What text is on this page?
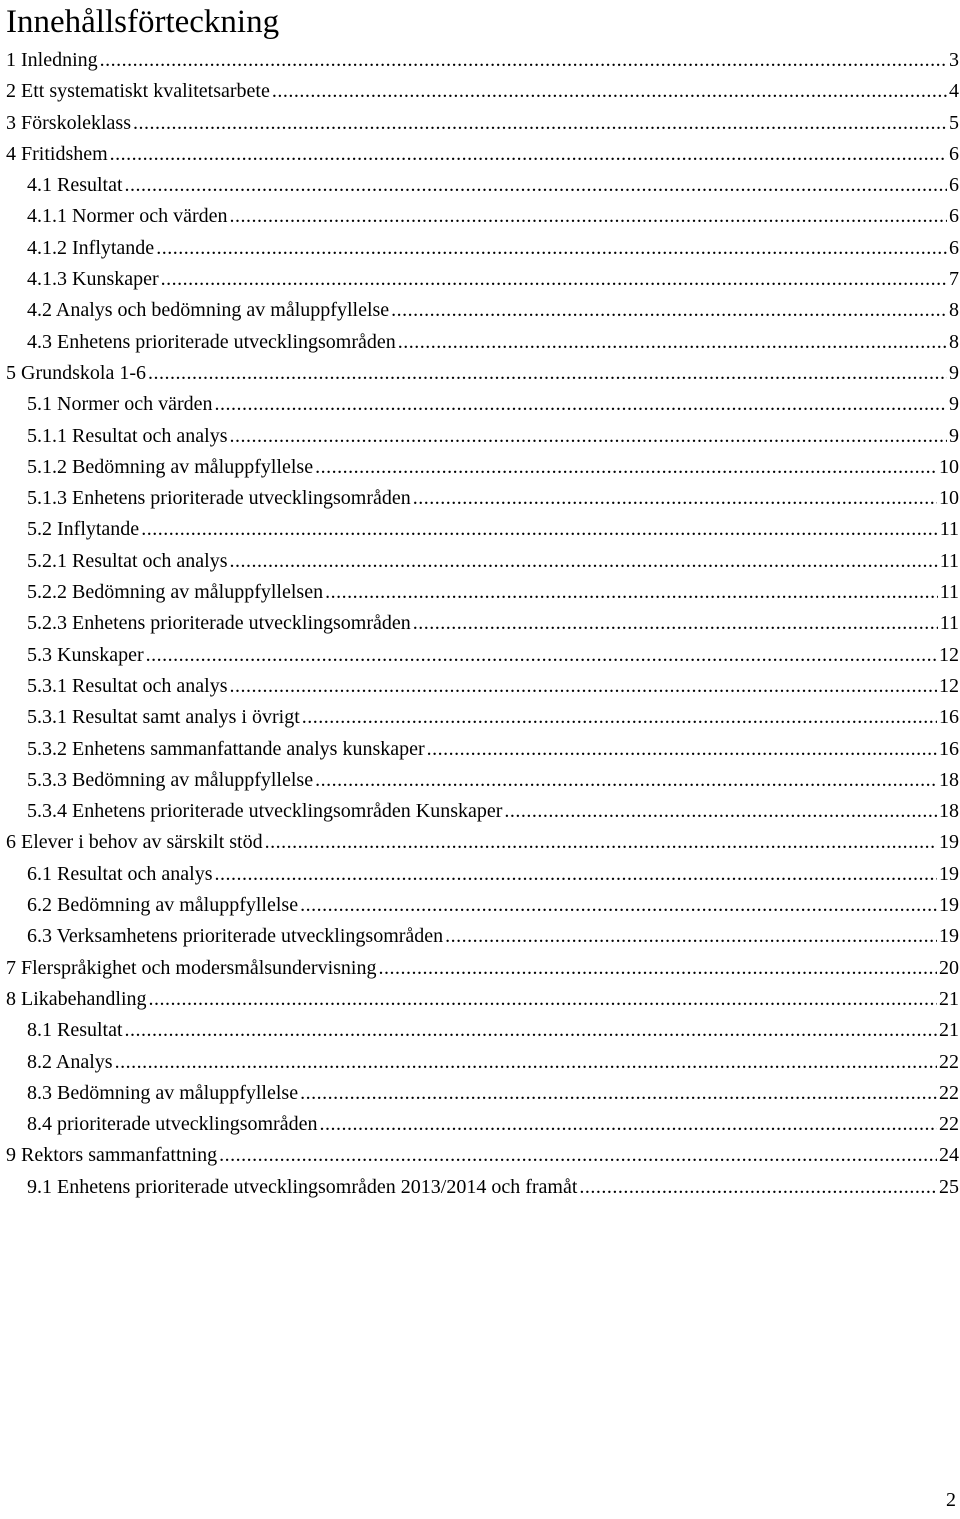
Innehållsförteckning
1 Inledning .....	3
2 Ett systematiskt kvalitetsarbete .....	4
3 Förskoleklass .....	5
4 Fritidshem .....	6
4.1 Resultat .....	6
4.1.1 Normer och värden .....	6
4.1.2 Inflytande .....	6
4.1.3 Kunskaper .....	7
4.2 Analys och bedömning av måluppfyllelse .....	8
4.3 Enhetens prioriterade utvecklingsområden .....	8
5 Grundskola 1-6 .....	9
5.1 Normer och värden .....	9
5.1.1 Resultat och analys .....	9
5.1.2 Bedömning av måluppfyllelse .....	10
5.1.3 Enhetens prioriterade utvecklingsområden .....	10
5.2 Inflytande .....	11
5.2.1 Resultat och analys .....	11
5.2.2 Bedömning av måluppfyllelsen .....	11
5.2.3 Enhetens prioriterade utvecklingsområden .....	11
5.3 Kunskaper .....	12
5.3.1 Resultat och analys .....	12
5.3.1 Resultat samt analys i övrigt .....	16
5.3.2 Enhetens sammanfattande analys kunskaper .....	16
5.3.3 Bedömning av måluppfyllelse .....	18
5.3.4 Enhetens prioriterade utvecklingsområden Kunskaper .....	18
6 Elever i behov av särskilt stöd .....	19
6.1 Resultat och analys .....	19
6.2 Bedömning av måluppfyllelse .....	19
6.3 Verksamhetens prioriterade utvecklingsområden .....	19
7 Flerspråkighet och modersmålsundervisning .....	20
8 Likabehandling .....	21
8.1 Resultat .....	21
8.2 Analys .....	22
8.3 Bedömning av måluppfyllelse .....	22
8.4 prioriterade utvecklingsområden .....	22
9 Rektors sammanfattning .....	24
9.1 Enhetens prioriterade utvecklingsområden 2013/2014 och framåt .....	25
2
